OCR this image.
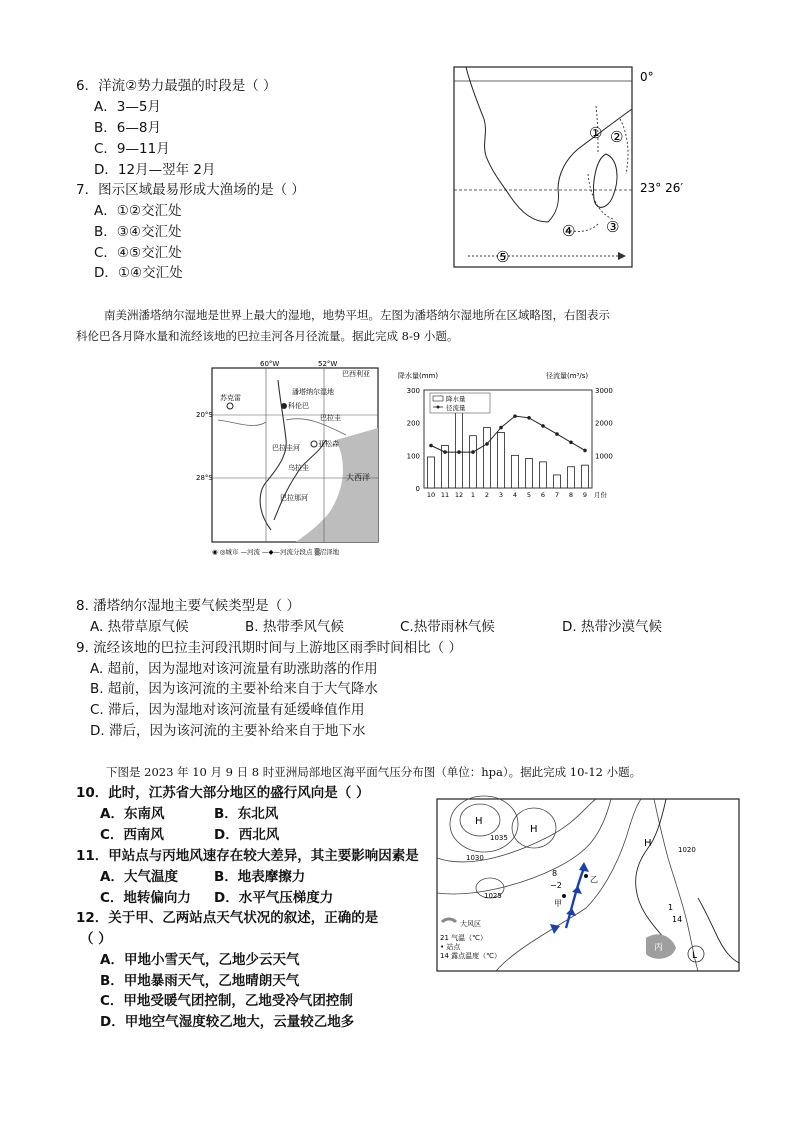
6．洋流②势力最强的时段是（ ）
A．3—5月
B．6—8月
C．9—11月
D．12月—翌年 2月
7．图示区域最易形成大渔场的是（ ）
A．①②交汇处
B．③④交汇处
C．④⑤交汇处
D．①④交汇处
0°
23° 26′
① ②
③
④
⑤
南美洲潘塔纳尔湿地是世界上最大的湿地，地势平坦。左图为潘塔纳尔湿地所在区域略图，右图表示
科伦巴各月降水量和流经该地的巴拉圭河各月径流量。据此完成 8-9 小题。
60°W	52°W
20°S
28°S
巴西利亚
潘塔纳尔湿地
科伦巴
苏克雷
亚松森
巴拉圭河
巴拉那河
大西洋
巴拉圭
乌拉圭
◉ ◎城市 —河流 —◆—河流分段点 ▒沼泽地
降水量(mm)	径流量(m³/s)
0
100
200
300
1000
2000
3000
10 11 12 1 2 3 4 5 6 7 8 9 月份
降水量
径流量
8. 潘塔纳尔湿地主要气候类型是（ ）
A. 热带草原气候	B. 热带季风气候	C.热带雨林气候	D. 热带沙漠气候
9. 流经该地的巴拉圭河段汛期时间与上游地区雨季时间相比（ ）
A. 超前，因为湿地对该河流量有助涨助落的作用
B. 超前，因为该河流的主要补给来自于大气降水
C. 滞后，因为湿地对该河流量有延缓峰值作用
D. 滞后，因为该河流的主要补给来自于地下水
下图是 2023 年 10 月 9 日 8 时亚洲局部地区海平面气压分布图（单位：hpa）。据此完成 10-12 小题。
10．此时，江苏省大部分地区的盛行风向是（ ）
A．东南风	B．东北风
C．西南风	D．西北风
11．甲站点与丙地风速存在较大差异，其主要影响因素是
A．大气温度	B．地表摩擦力
C．地转偏向力 D．水平气压梯度力
12．关于甲、乙两站点天气状况的叙述，正确的是
（ ）
A．甲地小雪天气，乙地少云天气
B．甲地暴雨天气，乙地晴朗天气
C．甲地受暖气团控制，乙地受冷气团控制
D．甲地空气湿度较乙地大，云量较乙地多
H
H
H
L
1030
1035
1025
1020
8
−2
14
1
甲
乙
丙
大风区
21 气温（℃）
• 站点
14 露点温度（℃）
